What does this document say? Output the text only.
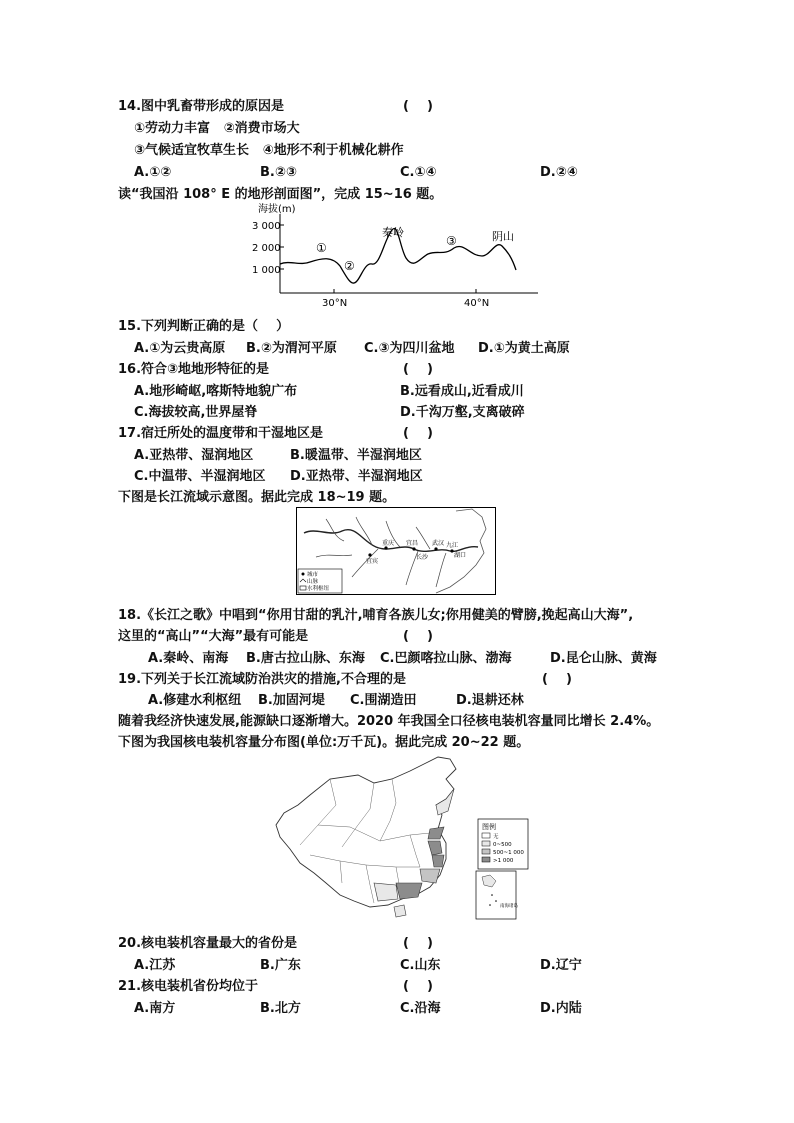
14.图中乳畜带形成的原因是	(    )
①劳动力丰富   ②消费市场大
③气候适宜牧草生长   ④地形不利于机械化耕作
A.①②	B.②③	C.①④	D.②④
读“我国沿 108° E 的地形剖面图”，完成 15~16 题。
海拔(m)
3 000
2 000
1 000
①
②
③
秦岭	阴山
30°N	40°N
15.下列判断正确的是（    ）
A.①为云贵高原 B.②为渭河平原 C.③为四川盆地 D.①为黄土高原
16.符合③地地形特征的是	(    )
A.地形崎岖,喀斯特地貌广布	B.远看成山,近看成川
C.海拔较高,世界屋脊	D.千沟万壑,支离破碎
17.宿迁所处的温度带和干湿地区是	(    )
A.亚热带、湿润地区	B.暖温带、半湿润地区
C.中温带、半湿润地区 D.亚热带、半湿润地区
下图是长江流域示意图。据此完成 18~19 题。
重庆 宜昌 武汉 九江
湖口
长沙
宜宾
城市
山脉
水利枢纽
18.《长江之歌》中唱到“你用甘甜的乳汁,哺育各族儿女;你用健美的臂膀,挽起高山大海”,
这里的“高山”“大海”最有可能是	(    )
A.秦岭、南海 B.唐古拉山脉、东海 C.巴颜喀拉山脉、渤海	D.昆仑山脉、黄海
19.下列关于长江流域防治洪灾的措施,不合理的是	(    )
A.修建水利枢纽 B.加固河堤 C.围湖造田	D.退耕还林
随着我经济快速发展,能源缺口逐渐增大。2020 年我国全口径核电装机容量同比增长 2.4%。
下图为我国核电装机容量分布图(单位:万千瓦)。据此完成 20~22 题。
图例
无
0~500
500~1 000
>1 000
南海诸岛
20.核电装机容量最大的省份是	(    )
A.江苏	B.广东	C.山东	D.辽宁
21.核电装机省份均位于	(    )
A.南方	B.北方	C.沿海	D.内陆
